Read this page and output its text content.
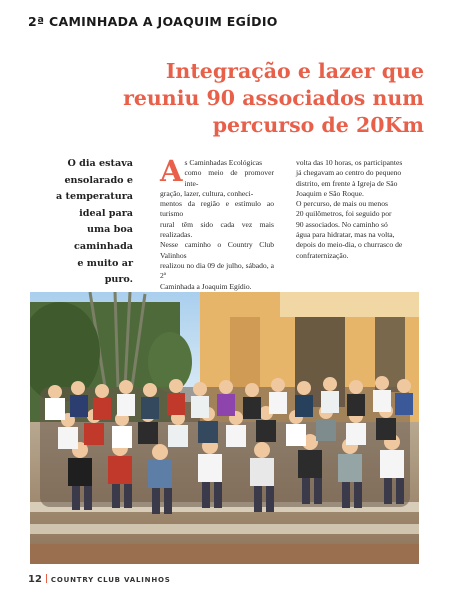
2ª CAMINHADA A JOAQUIM EGÍDIO
Integração e lazer que
reuniu 90 associados num
percurso de 20Km
O dia estava
ensolarado e
a temperatura
ideal para
uma boa
caminhada
e muito ar
puro.
A s Caminhadas Ecológicas
como meio de promover inte-
gração, lazer, cultura, conheci-
mentos da região e estímulo ao turismo
rural têm sido cada vez mais realizadas.
Nesse caminho o Country Club Valinhos
realizou no dia 09 de julho, sábado, a 2ª
Caminhada a Joaquim Egídio.
volta das 10 horas, os participantes
já chegavam ao centro do pequeno
distrito, em frente à Igreja de São
Joaquim e São Roque.
O percurso, de mais ou menos
20 quilômetros, foi seguido por
90 associados. No caminho só
água para hidratar, mas na volta,
depois do meio-dia, o churrasco de
confraternização.
12 COUNTRY CLUB VALINHOS
